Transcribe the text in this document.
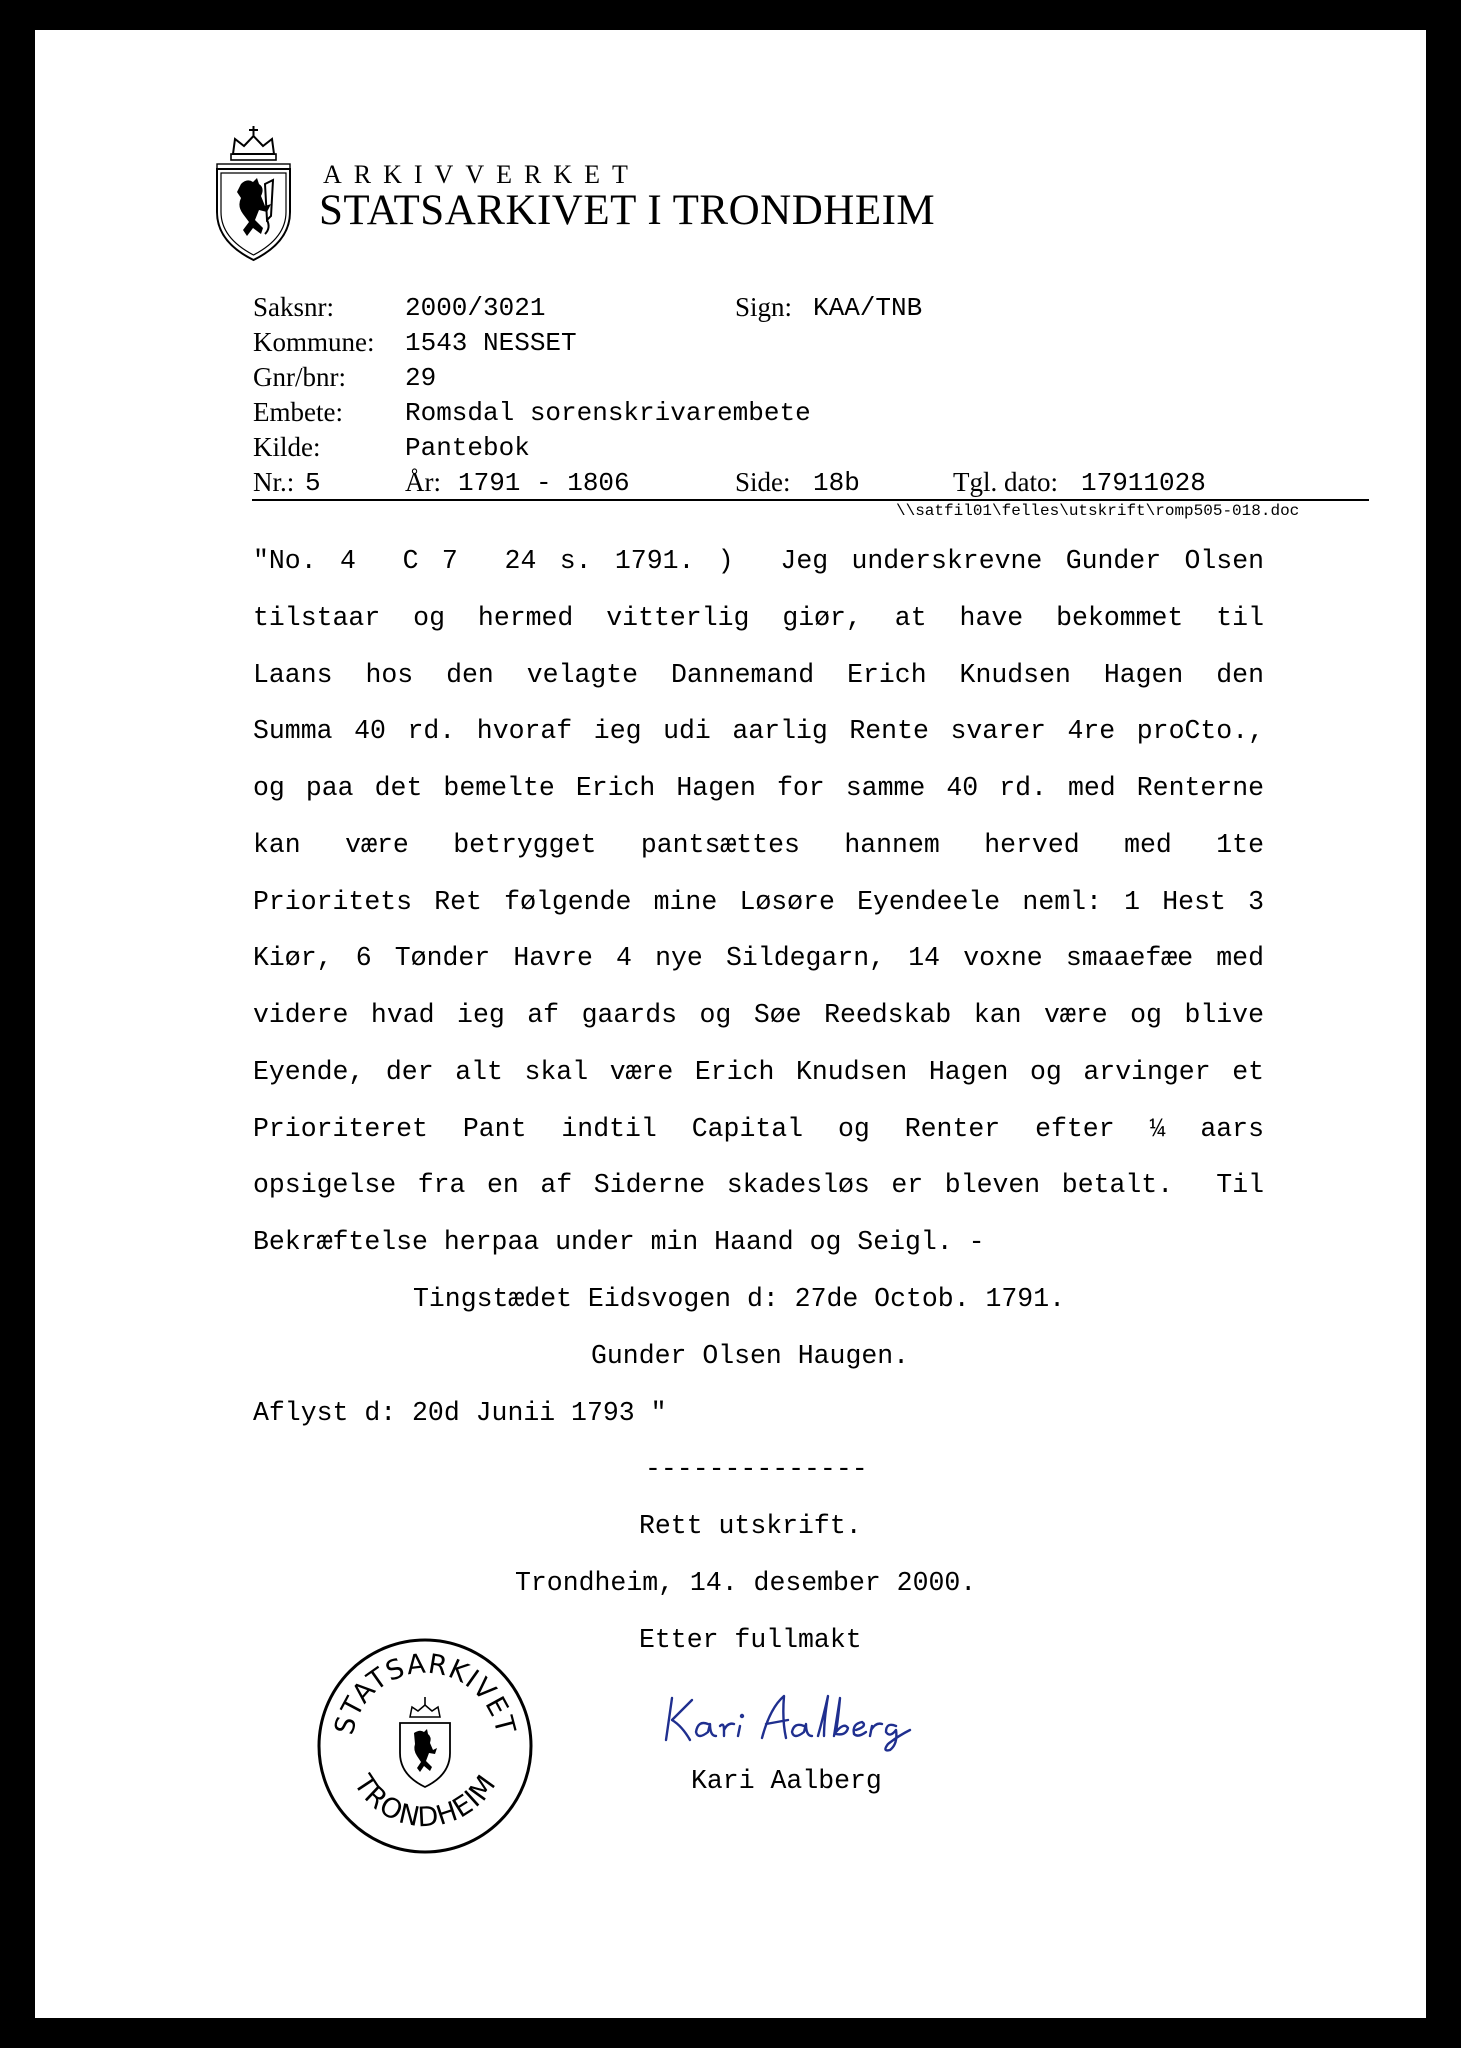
ARKIVVERKET
STATSARKIVET I TRONDHEIM
Saksnr:	2000/3021	Sign: KAA/TNB
Kommune: 1543 NESSET
Gnr/bnr: 29
Embete: Romsdal sorenskrivarembete
Kilde:	Pantebok
Nr.: 5	År: 1791 - 1806	Side: 18b	Tgl. dato: 17911028
\\satfil01\felles\utskrift\romp505-018.doc
"No. 4  C 7  24 s. 1791. )  Jeg underskrevne Gunder Olsen
tilstaar og hermed vitterlig giør, at have bekommet til
Laans hos den velagte Dannemand Erich Knudsen Hagen den
Summa 40 rd. hvoraf ieg udi aarlig Rente svarer 4re proCto.,
og paa det bemelte Erich Hagen for samme 40 rd. med Renterne
kan være betrygget pantsættes hannem herved med 1te
Prioritets Ret følgende mine Løsøre Eyendeele neml: 1 Hest 3
Kiør, 6 Tønder Havre 4 nye Sildegarn, 14 voxne smaaefæe med
videre hvad ieg af gaards og Søe Reedskab kan være og blive
Eyende, der alt skal være Erich Knudsen Hagen og arvinger et
Prioriteret Pant indtil Capital og Renter efter ¼ aars
opsigelse fra en af Siderne skadesløs er bleven betalt.  Til
Bekræftelse herpaa under min Haand og Seigl. -
Tingstædet Eidsvogen d: 27de Octob. 1791.
Gunder Olsen Haugen.
Aflyst d: 20d Junii 1793 "
--------------
Rett utskrift.
Trondheim, 14. desember 2000.
Etter fullmakt
STATSARKIVET
TRONDHEIM	Kari Aalberg
